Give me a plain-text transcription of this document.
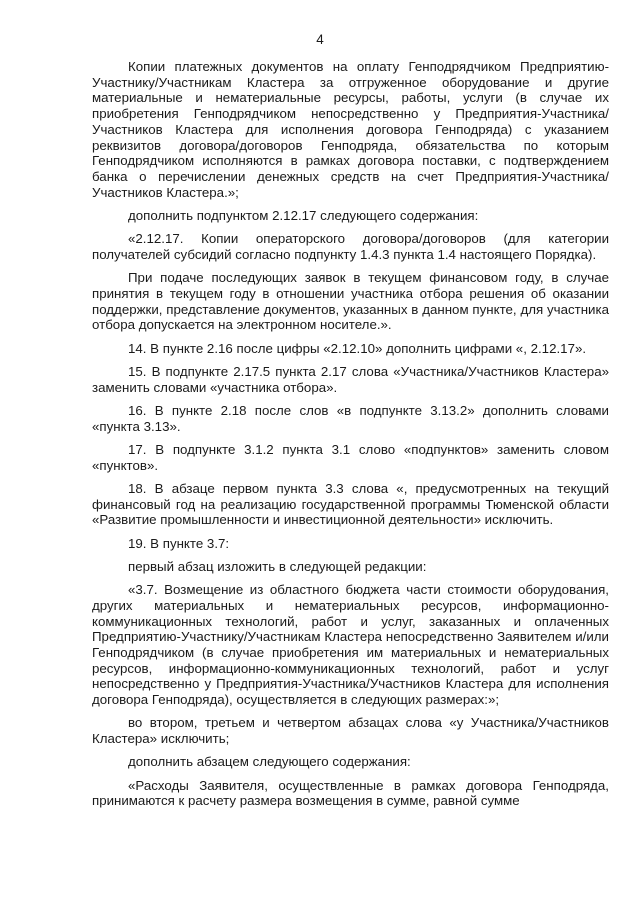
4

Копии платежных документов на оплату Генподрядчиком Предприятию-Участнику/Участникам Кластера за отгруженное оборудование и другие материальные и нематериальные ресурсы, работы, услуги (в случае их приобретения Генподрядчиком непосредственно у Предприятия-Участника/Участников Кластера для исполнения договора Генподряда) с указанием реквизитов договора/договоров Генподряда, обязательства по которым Генподрядчиком исполняются в рамках договора поставки, с подтверждением банка о перечислении денежных средств на счет Предприятия-Участника/Участников Кластера.»;

дополнить подпунктом 2.12.17 следующего содержания:

«2.12.17. Копии операторского договора/договоров (для категории получателей субсидий согласно подпункту 1.4.3 пункта 1.4 настоящего Порядка).

При подаче последующих заявок в текущем финансовом году, в случае принятия в текущем году в отношении участника отбора решения об оказании поддержки, представление документов, указанных в данном пункте, для участника отбора допускается на электронном носителе.».

14. В пункте 2.16 после цифры «2.12.10» дополнить цифрами «, 2.12.17».

15. В подпункте 2.17.5 пункта 2.17 слова «Участника/Участников Кластера» заменить словами «участника отбора».

16. В пункте 2.18 после слов «в подпункте 3.13.2» дополнить словами «пункта 3.13».

17. В подпункте 3.1.2 пункта 3.1 слово «подпунктов» заменить словом «пунктов».

18. В абзаце первом пункта 3.3 слова «, предусмотренных на текущий финансовый год на реализацию государственной программы Тюменской области «Развитие промышленности и инвестиционной деятельности» исключить.

19. В пункте 3.7:

первый абзац изложить в следующей редакции:

«3.7. Возмещение из областного бюджета части стоимости оборудования, других материальных и нематериальных ресурсов, информационно-коммуникационных технологий, работ и услуг, заказанных и оплаченных Предприятию-Участнику/Участникам Кластера непосредственно Заявителем и/или Генподрядчиком (в случае приобретения им материальных и нематериальных ресурсов, информационно-коммуникационных технологий, работ и услуг непосредственно у Предприятия-Участника/Участников Кластера для исполнения договора Генподряда), осуществляется в следующих размерах:»;

во втором, третьем и четвертом абзацах слова «у Участника/Участников Кластера» исключить;

дополнить абзацем следующего содержания:

«Расходы Заявителя, осуществленные в рамках договора Генподряда, принимаются к расчету размера возмещения в сумме, равной сумме
